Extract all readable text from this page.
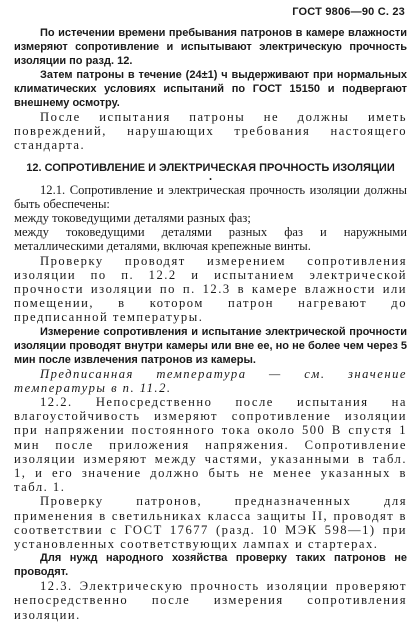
ГОСТ 9806—90 С. 23

По истечении времени пребывания патронов в камере влажности измеряют сопротивление и испытывают электрическую прочность изоляции по разд. 12.

Затем патроны в течение (24±1) ч выдерживают при нормальных климатических условиях испытаний по ГОСТ 15150 и подвергают внешнему осмотру.

После испытания патроны не должны иметь повреждений, нарушающих требования настоящего стандарта.

12. СОПРОТИВЛЕНИЕ И ЭЛЕКТРИЧЕСКАЯ ПРОЧНОСТЬ ИЗОЛЯЦИИ
•

12.1. Сопротивление и электрическая прочность изоляции должны быть обеспечены:

между токоведущими деталями разных фаз;

между токоведущими деталями разных фаз и наружными металлическими деталями, включая крепежные винты.

Проверку проводят измерением сопротивления изоляции по п. 12.2 и испытанием электрической прочности изоляции по п. 12.3 в камере влажности или помещении, в котором патрон нагревают до предписанной температуры.

Измерение сопротивления и испытание электрической прочности изоляции проводят внутри камеры или вне ее, но не более чем через 5 мин после извлечения патронов из камеры.

Предписанная температура — см. значение температуры в п. 11.2.

12.2. Непосредственно после испытания на влагоустойчивость измеряют сопротивление изоляции при напряжении постоянного тока около 500 В спустя 1 мин после приложения напряжения. Сопротивление изоляции измеряют между частями, указанными в табл. 1, и его значение должно быть не менее указанных в табл. 1.

Проверку патронов, предназначенных для применения в светильниках класса защиты II, проводят в соответствии с ГОСТ 17677 (разд. 10 МЭК 598—1) при установленных соответствующих лампах и стартерах.

Для нужд народного хозяйства проверку таких патронов не проводят.

12.3. Электрическую прочность изоляции проверяют непосредственно после измерения сопротивления изоляции.
